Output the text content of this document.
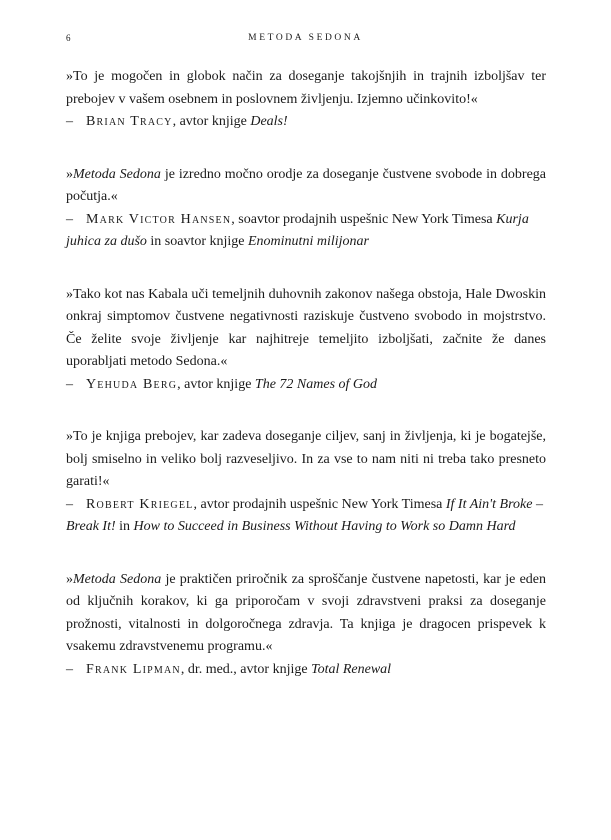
6	METODA SEDONA

»To je mogočen in globok način za doseganje takojšnjih in trajnih izboljšav ter prebojev v vašem osebnem in poslovnem življenju. Izjemno učinkovito!«

– Brian Tracy, avtor knjige Deals!

»Metoda Sedona je izredno močno orodje za doseganje čustvene svobode in dobrega počutja.«

– Mark Victor Hansen, soavtor prodajnih uspešnic New York Timesa Kurja juhica za dušo in soavtor knjige Enominutni milijonar

»Tako kot nas Kabala uči temeljnih duhovnih zakonov našega obstoja, Hale Dwoskin onkraj simptomov čustvene negativnosti raziskuje čustveno svobodo in mojstrstvo. Če želite svoje življenje kar najhitreje temeljito izboljšati, začnite že danes uporabljati metodo Sedona.«

– Yehuda Berg, avtor knjige The 72 Names of God

»To je knjiga prebojev, kar zadeva doseganje ciljev, sanj in življenja, ki je bogatejše, bolj smiselno in veliko bolj razveseljivo. In za vse to nam niti ni treba tako presneto garati!«

– Robert Kriegel, avtor prodajnih uspešnic New York Timesa If It Ain't Broke – Break It! in How to Succeed in Business Without Having to Work so Damn Hard

»Metoda Sedona je praktičen priročnik za sproščanje čustvene napetosti, kar je eden od ključnih korakov, ki ga priporočam v svoji zdravstveni praksi za doseganje prožnosti, vitalnosti in dolgoročnega zdravja. Ta knjiga je dragocen prispevek k vsakemu zdravstvenemu programu.«

– Frank Lipman, dr. med., avtor knjige Total Renewal
